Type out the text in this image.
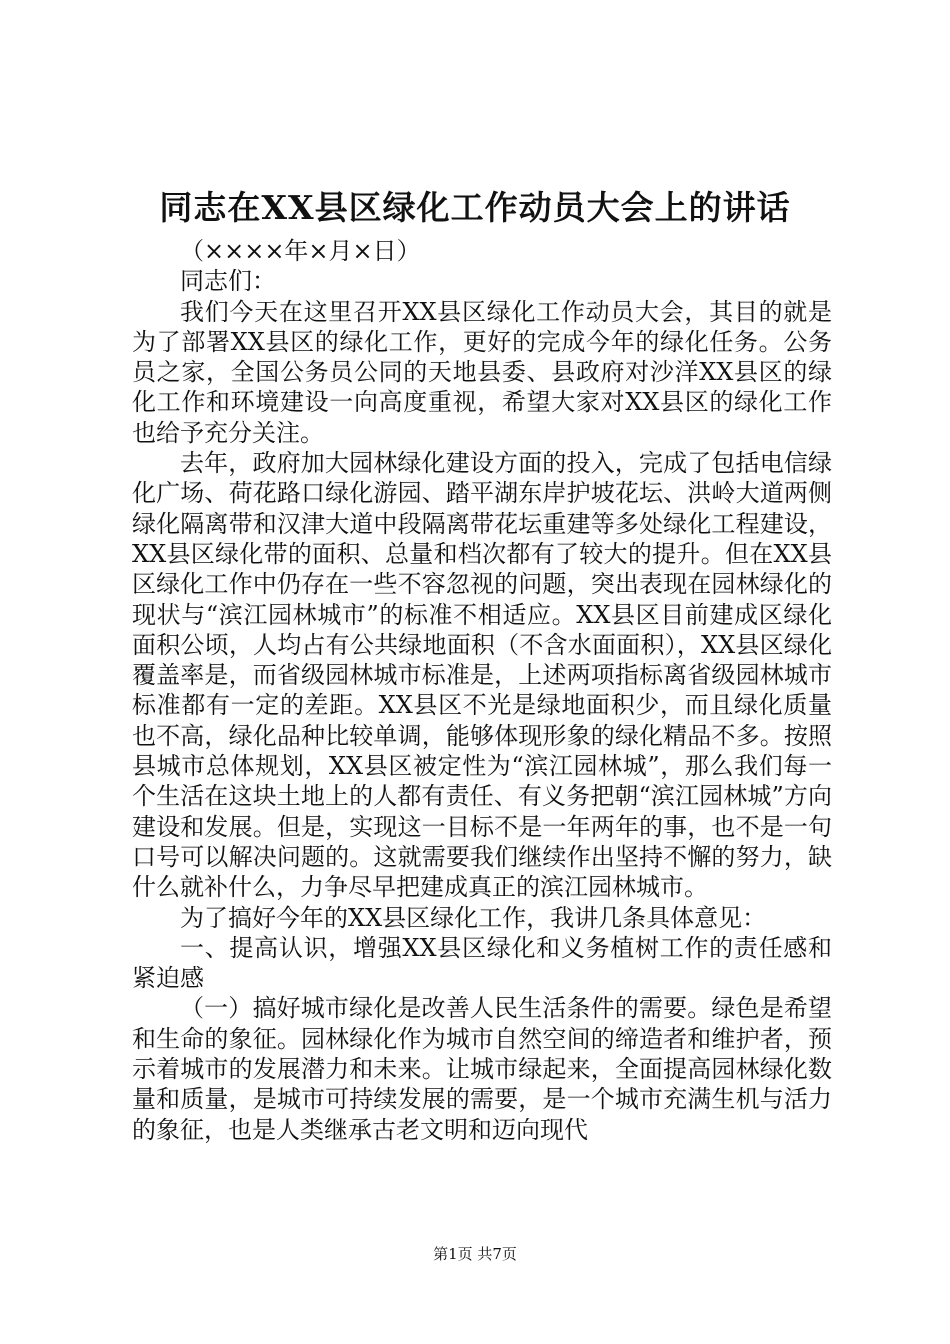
同志在XX县区绿化工作动员大会上的讲话

（××××年×月×日）

同志们：

我们今天在这里召开XX县区绿化工作动员大会，其目的就是为了部署XX县区的绿化工作，更好的完成今年的绿化任务。公务员之家，全国公务员公同的天地县委、县政府对沙洋XX县区的绿化工作和环境建设一向高度重视，希望大家对XX县区的绿化工作也给予充分关注。

去年，政府加大园林绿化建设方面的投入，完成了包括电信绿化广场、荷花路口绿化游园、踏平湖东岸护坡花坛、洪岭大道两侧绿化隔离带和汉津大道中段隔离带花坛重建等多处绿化工程建设，XX县区绿化带的面积、总量和档次都有了较大的提升。但在XX县区绿化工作中仍存在一些不容忽视的问题，突出表现在园林绿化的现状与“滨江园林城市”的标准不相适应。XX县区目前建成区绿化面积公顷，人均占有公共绿地面积（不含水面面积），XX县区绿化覆盖率是，而省级园林城市标准是，上述两项指标离省级园林城市标准都有一定的差距。XX县区不光是绿地面积少，而且绿化质量也不高，绿化品种比较单调，能够体现形象的绿化精品不多。按照县城市总体规划，XX县区被定性为“滨江园林城”，那么我们每一个生活在这块土地上的人都有责任、有义务把朝“滨江园林城”方向建设和发展。但是，实现这一目标不是一年两年的事，也不是一句口号可以解决问题的。这就需要我们继续作出坚持不懈的努力，缺什么就补什么，力争尽早把建成真正的滨江园林城市。

为了搞好今年的XX县区绿化工作，我讲几条具体意见：

一、提高认识，增强XX县区绿化和义务植树工作的责任感和紧迫感

（一）搞好城市绿化是改善人民生活条件的需要。绿色是希望和生命的象征。园林绿化作为城市自然空间的缔造者和维护者，预示着城市的发展潜力和未来。让城市绿起来，全面提高园林绿化数量和质量，是城市可持续发展的需要，是一个城市充满生机与活力的象征，也是人类继承古老文明和迈向现代

第1页 共7页
